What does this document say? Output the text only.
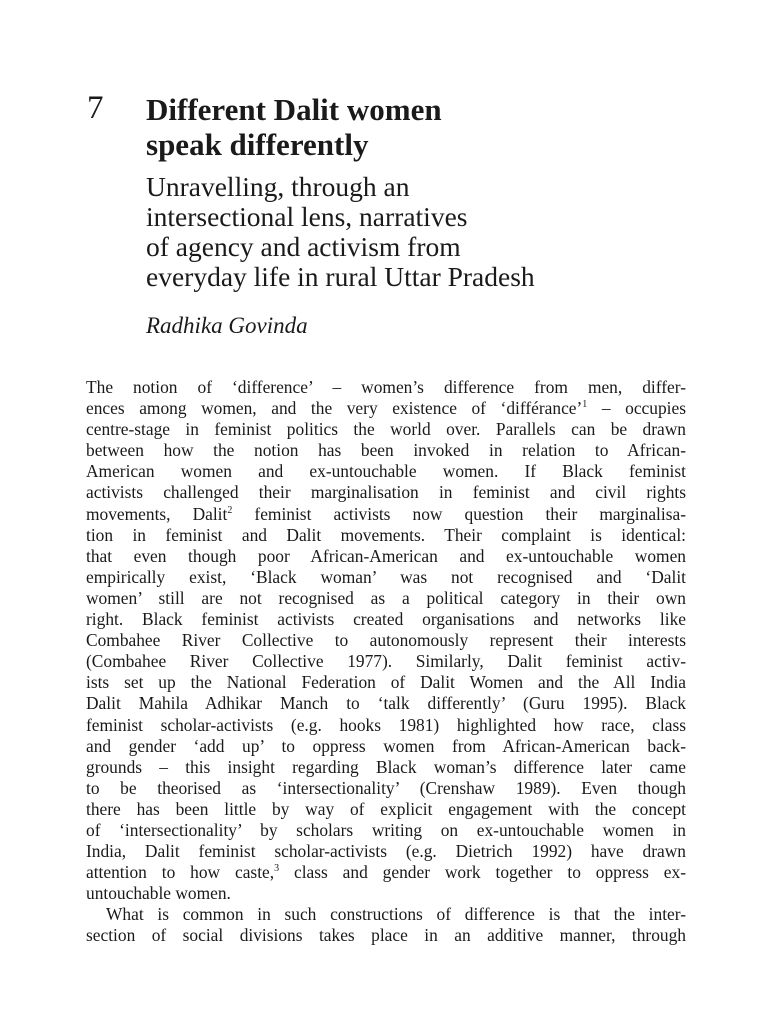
7 Different Dalit women
speak differently
Unravelling, through an
intersectional lens, narratives
of agency and activism from
everyday life in rural Uttar Pradesh
Radhika Govinda
The notion of ‘difference’ – women’s difference from men, differ-
ences among women, and the very existence of ‘différance’$^1$ – occupies
centre-stage in feminist politics the world over. Parallels can be drawn
between how the notion has been invoked in relation to African-
American women and ex-untouchable women. If Black feminist
activists challenged their marginalisation in feminist and civil rights
movements, Dalit$^2$ feminist activists now question their marginalisa-
tion in feminist and Dalit movements. Their complaint is identical:
that even though poor African-American and ex-untouchable women
empirically exist, ‘Black woman’ was not recognised and ‘Dalit
women’ still are not recognised as a political category in their own
right. Black feminist activists created organisations and networks like
Combahee River Collective to autonomously represent their interests
(Combahee River Collective 1977). Similarly, Dalit feminist activ-
ists set up the National Federation of Dalit Women and the All India
Dalit Mahila Adhikar Manch to ‘talk differently’ (Guru 1995). Black
feminist scholar-activists (e.g. hooks 1981) highlighted how race, class
and gender ‘add up’ to oppress women from African-American back-
grounds – this insight regarding Black woman’s difference later came
to be theorised as ‘intersectionality’ (Crenshaw 1989). Even though
there has been little by way of explicit engagement with the concept
of ‘intersectionality’ by scholars writing on ex-untouchable women in
India, Dalit feminist scholar-activists (e.g. Dietrich 1992) have drawn
attention to how caste,$^3$ class and gender work together to oppress ex-
untouchable women.
What is common in such constructions of difference is that the inter-
section of social divisions takes place in an additive manner, through
